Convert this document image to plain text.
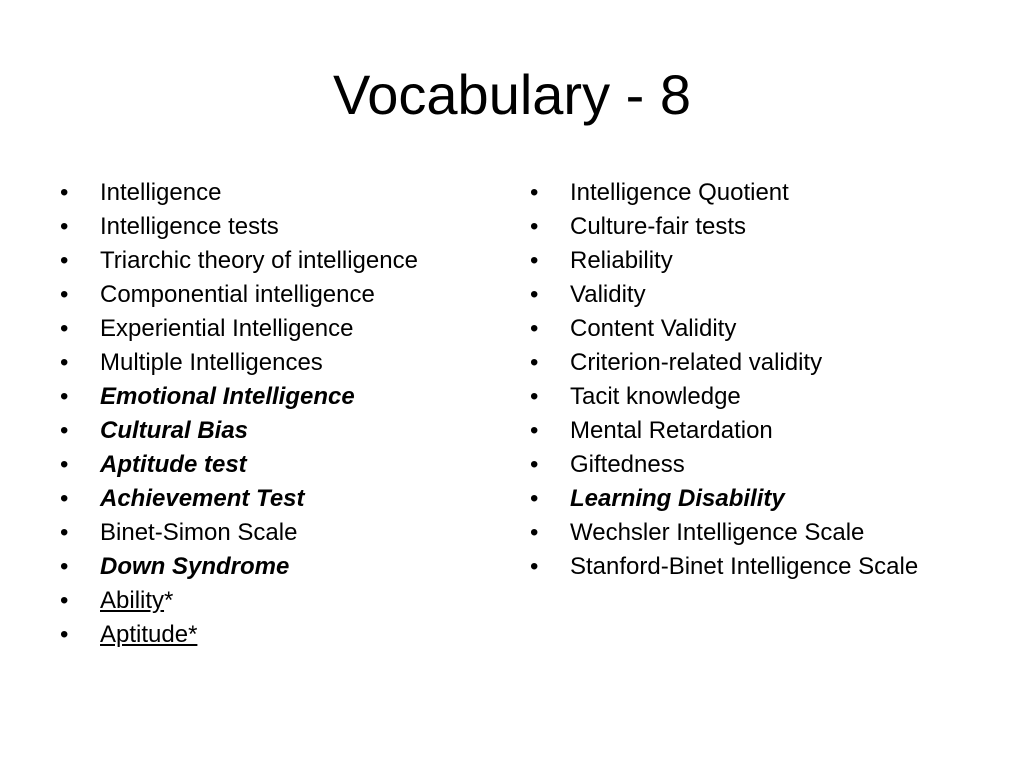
Vocabulary - 8
• Intelligence
• Intelligence tests
• Triarchic theory of intelligence
• Componential intelligence
• Experiential Intelligence
• Multiple Intelligences
• Emotional Intelligence
• Cultural Bias
• Aptitude test
• Achievement Test
• Binet-Simon Scale
• Down Syndrome
• Ability*
• Aptitude*
• Intelligence Quotient
• Culture-fair tests
• Reliability
• Validity
• Content Validity
• Criterion-related validity
• Tacit knowledge
• Mental Retardation
• Giftedness
• Learning Disability
• Wechsler Intelligence Scale
• Stanford-Binet Intelligence Scale
